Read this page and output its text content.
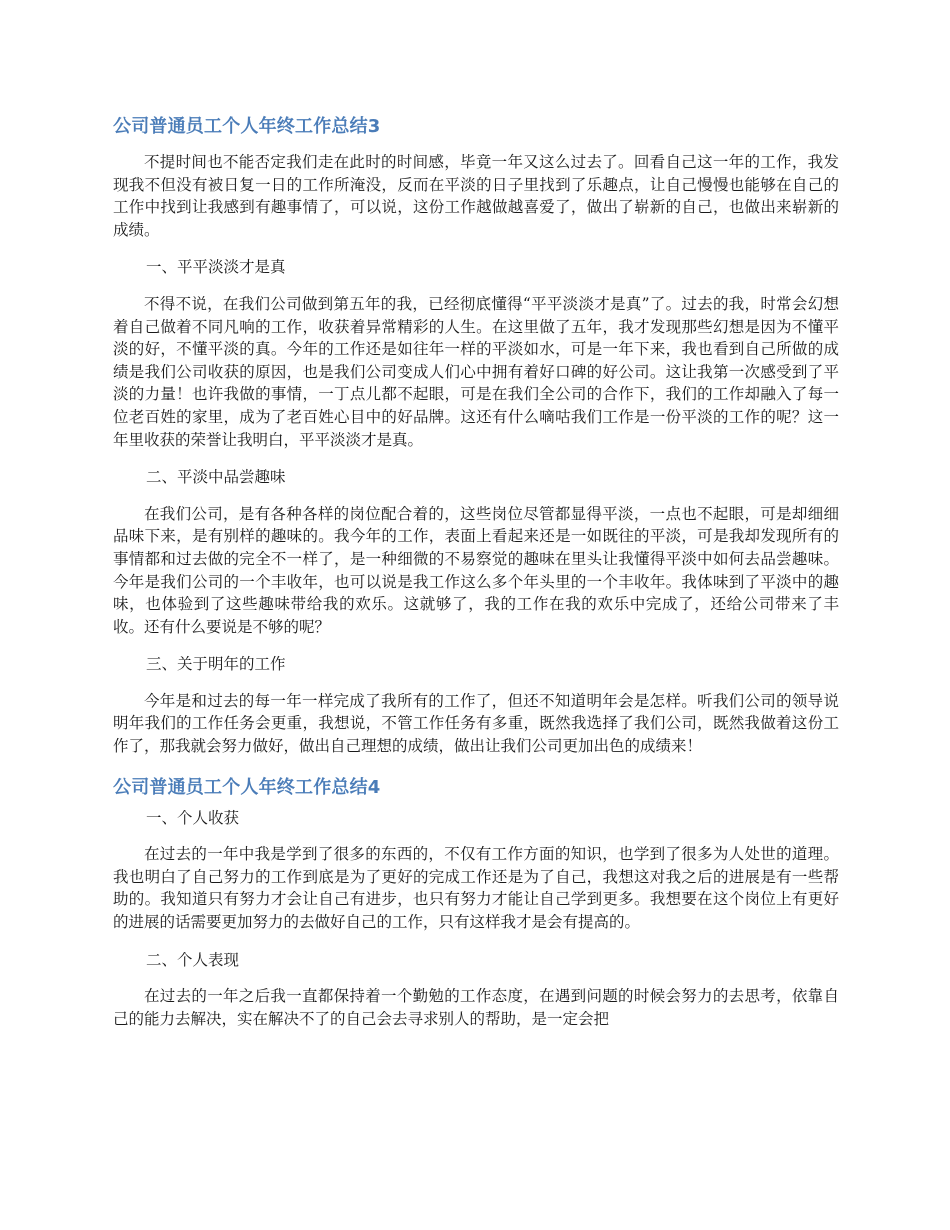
公司普通员工个人年终工作总结3

不提时间也不能否定我们走在此时的时间感，毕竟一年又这么过去了。回看自己这一年的工作，我发现我不但没有被日复一日的工作所淹没，反而在平淡的日子里找到了乐趣点，让自己慢慢也能够在自己的工作中找到让我感到有趣事情了，可以说，这份工作越做越喜爱了，做出了崭新的自己，也做出来崭新的成绩。

一、平平淡淡才是真

不得不说，在我们公司做到第五年的我，已经彻底懂得“平平淡淡才是真”了。过去的我，时常会幻想着自己做着不同凡响的工作，收获着异常精彩的人生。在这里做了五年，我才发现那些幻想是因为不懂平淡的好，不懂平淡的真。今年的工作还是如往年一样的平淡如水，可是一年下来，我也看到自己所做的成绩是我们公司收获的原因，也是我们公司变成人们心中拥有着好口碑的好公司。这让我第一次感受到了平淡的力量！也许我做的事情，一丁点儿都不起眼，可是在我们全公司的合作下，我们的工作却融入了每一位老百姓的家里，成为了老百姓心目中的好品牌。这还有什么嘀咕我们工作是一份平淡的工作的呢？这一年里收获的荣誉让我明白，平平淡淡才是真。

二、平淡中品尝趣味

在我们公司，是有各种各样的岗位配合着的，这些岗位尽管都显得平淡，一点也不起眼，可是却细细品味下来，是有别样的趣味的。我今年的工作，表面上看起来还是一如既往的平淡，可是我却发现所有的事情都和过去做的完全不一样了，是一种细微的不易察觉的趣味在里头让我懂得平淡中如何去品尝趣味。今年是我们公司的一个丰收年，也可以说是我工作这么多个年头里的一个丰收年。我体味到了平淡中的趣味，也体验到了这些趣味带给我的欢乐。这就够了，我的工作在我的欢乐中完成了，还给公司带来了丰收。还有什么要说是不够的呢？

三、关于明年的工作

今年是和过去的每一年一样完成了我所有的工作了，但还不知道明年会是怎样。听我们公司的领导说明年我们的工作任务会更重，我想说，不管工作任务有多重，既然我选择了我们公司，既然我做着这份工作了，那我就会努力做好，做出自己理想的成绩，做出让我们公司更加出色的成绩来！

公司普通员工个人年终工作总结4

一、个人收获

在过去的一年中我是学到了很多的东西的，不仅有工作方面的知识，也学到了很多为人处世的道理。我也明白了自己努力的工作到底是为了更好的完成工作还是为了自己，我想这对我之后的进展是有一些帮助的。我知道只有努力才会让自己有进步，也只有努力才能让自己学到更多。我想要在这个岗位上有更好的进展的话需要更加努力的去做好自己的工作，只有这样我才是会有提高的。

二、个人表现

在过去的一年之后我一直都保持着一个勤勉的工作态度，在遇到问题的时候会努力的去思考，依靠自己的能力去解决，实在解决不了的自己会去寻求别人的帮助，是一定会把
